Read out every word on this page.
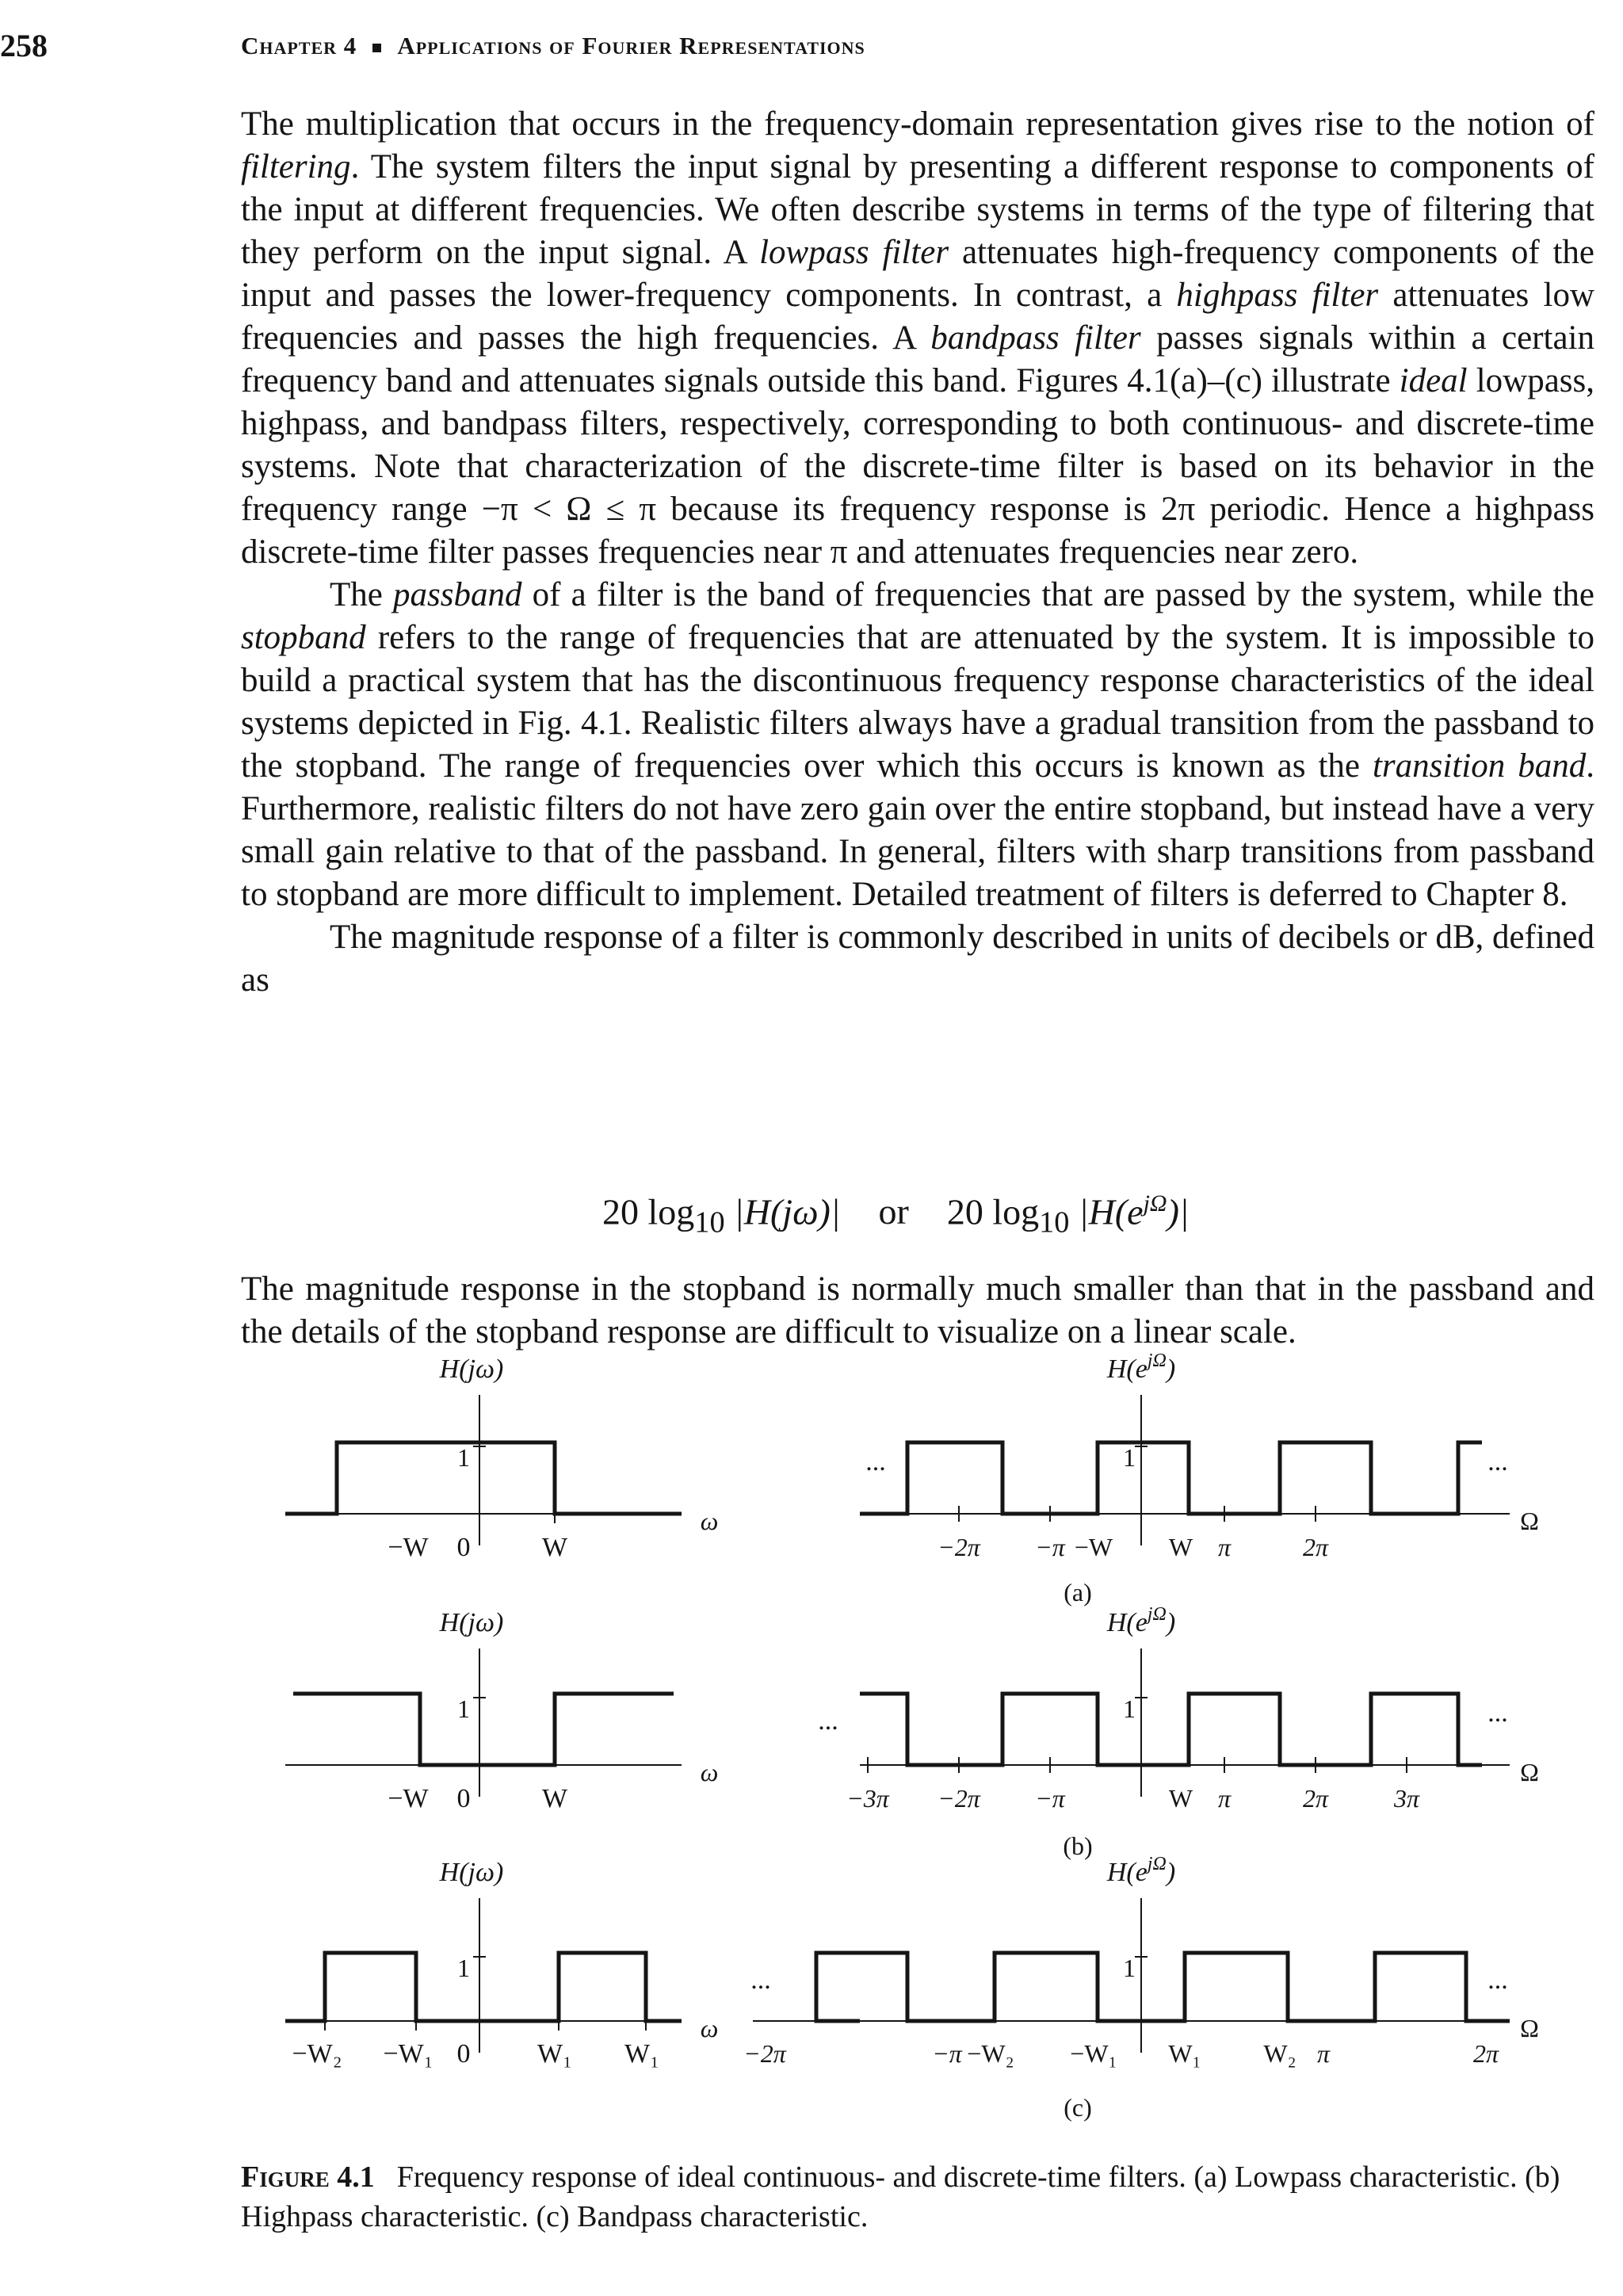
258	Chapter 4 Applications of Fourier Representations

The multiplication that occurs in the frequency-domain representation gives rise to the notion of filtering. The system filters the input signal by presenting a different response to components of the input at different frequencies. We often describe systems in terms of the type of filtering that they perform on the input signal. A lowpass filter attenuates high-frequency components of the input and passes the lower-frequency components. In contrast, a highpass filter attenuates low frequencies and passes the high frequencies. A bandpass filter passes signals within a certain frequency band and attenuates signals outside this band. Figures 4.1(a)–(c) illustrate ideal lowpass, highpass, and bandpass filters, respectively, corresponding to both continuous- and discrete-time systems. Note that characterization of the discrete-time filter is based on its behavior in the frequency range −π < Ω ≤ π because its frequency response is 2π periodic. Hence a highpass discrete-time filter passes frequencies near π and attenuates frequencies near zero.

The passband of a filter is the band of frequencies that are passed by the system, while the stopband refers to the range of frequencies that are attenuated by the system. It is impossible to build a practical system that has the discontinuous frequency response characteristics of the ideal systems depicted in Fig. 4.1. Realistic filters always have a gradual transition from the passband to the stopband. The range of frequencies over which this occurs is known as the transition band. Furthermore, realistic filters do not have zero gain over the entire stopband, but instead have a very small gain relative to that of the passband. In general, filters with sharp transitions from passband to stopband are more difficult to implement. Detailed treatment of filters is deferred to Chapter 8.

The magnitude response of a filter is commonly described in units of decibels or dB, defined as

20 $\log_{10} |H(j\omega)|$ or 20 $\log_{10} |H(e^{j\Omega})|$

The magnitude response in the stopband is normally much smaller than that in the passband and the details of the stopband response are difficult to visualize on a linear scale.

H(jω)
ω
1
−W 0	W
H(jω)
ω
1
−W 0	W
H(jω)
ω
1
−W₂ −W₁ 0 W₁ W₁
$H(e^{j\Omega})$
Ω
1
...	...
−2π −π −W W π	2π
(a)
$H(e^{j\Omega})$
Ω
1
...	...
−3π −2π −π	W π	2π	3π
(b)
$H(e^{j\Omega})$
Ω
1
...	...
−2π	−π −W₂ −W₁ W₁ W₂ π	2π
(c)
Figure 4.1 Frequency response of ideal continuous- and discrete-time filters. (a) Lowpass characteristic. (b) Highpass characteristic. (c) Bandpass characteristic.
